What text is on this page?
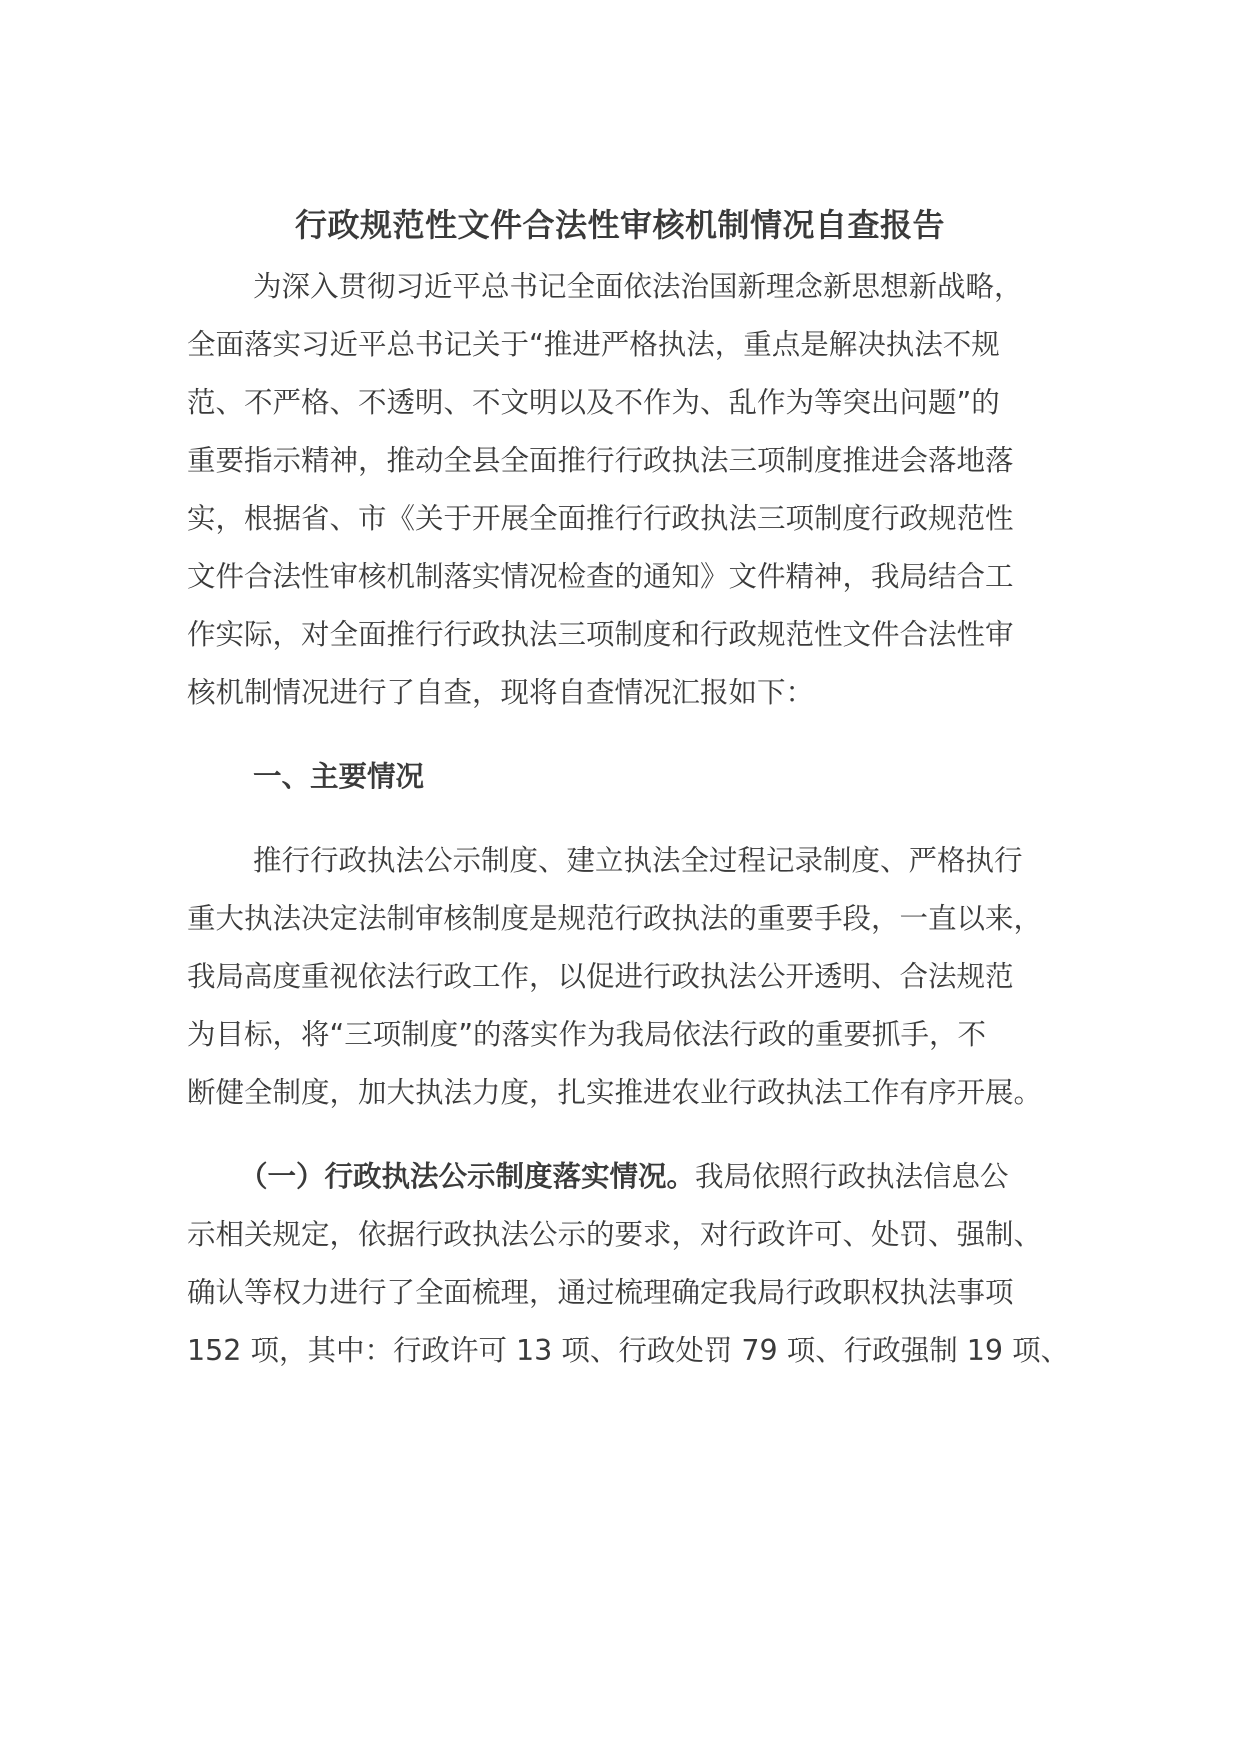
行政规范性文件合法性审核机制情况自查报告
为深入贯彻习近平总书记全面依法治国新理念新思想新战略，
全面落实习近平总书记关于“推进严格执法，重点是解决执法不规
范、不严格、不透明、不文明以及不作为、乱作为等突出问题”的
重要指示精神，推动全县全面推行行政执法三项制度推进会落地落
实，根据省、市《关于开展全面推行行政执法三项制度行政规范性
文件合法性审核机制落实情况检查的通知》文件精神，我局结合工
作实际，对全面推行行政执法三项制度和行政规范性文件合法性审
核机制情况进行了自查，现将自查情况汇报如下：
一、主要情况
推行行政执法公示制度、建立执法全过程记录制度、严格执行
重大执法决定法制审核制度是规范行政执法的重要手段，一直以来，
我局高度重视依法行政工作，以促进行政执法公开透明、合法规范
为目标，将“三项制度”的落实作为我局依法行政的重要抓手，不
断健全制度，加大执法力度，扎实推进农业行政执法工作有序开展。
（一）行政执法公示制度落实情况。我局依照行政执法信息公
示相关规定，依据行政执法公示的要求，对行政许可、处罚、强制、
确认等权力进行了全面梳理，通过梳理确定我局行政职权执法事项
152 项，其中：行政许可 13 项、行政处罚 79 项、行政强制 19 项、
